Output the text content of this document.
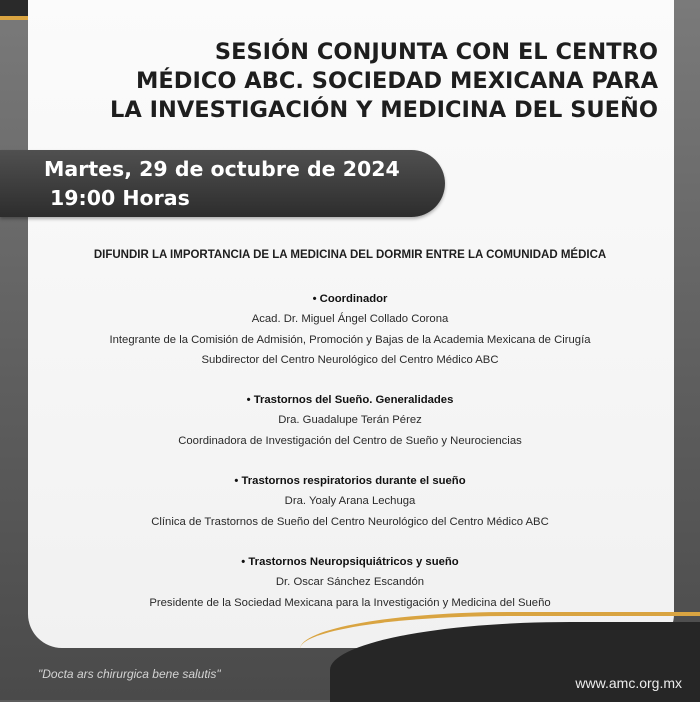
SESIÓN CONJUNTA CON EL CENTRO
MÉDICO ABC. SOCIEDAD MEXICANA PARA
LA INVESTIGACIÓN Y MEDICINA DEL SUEÑO
Martes, 29 de octubre de 2024
19:00 Horas
DIFUNDIR LA IMPORTANCIA DE LA MEDICINA DEL DORMIR ENTRE LA COMUNIDAD MÉDICA
• Coordinador
Acad. Dr. Miguel Ángel Collado Corona
Integrante de la Comisión de Admisión, Promoción y Bajas de la Academia Mexicana de Cirugía
Subdirector del Centro Neurológico del Centro Médico ABC
• Trastornos del Sueño. Generalidades
Dra. Guadalupe Terán Pérez
Coordinadora de Investigación del Centro de Sueño y Neurociencias
• Trastornos respiratorios durante el sueño
Dra. Yoaly Arana Lechuga
Clínica de Trastornos de Sueño del Centro Neurológico del Centro Médico ABC
• Trastornos Neuropsiquiátricos y sueño
Dr. Oscar Sánchez Escandón
Presidente de la Sociedad Mexicana para la Investigación y Medicina del Sueño
"Docta ars chirurgica bene salutis"
www.amc.org.mx
